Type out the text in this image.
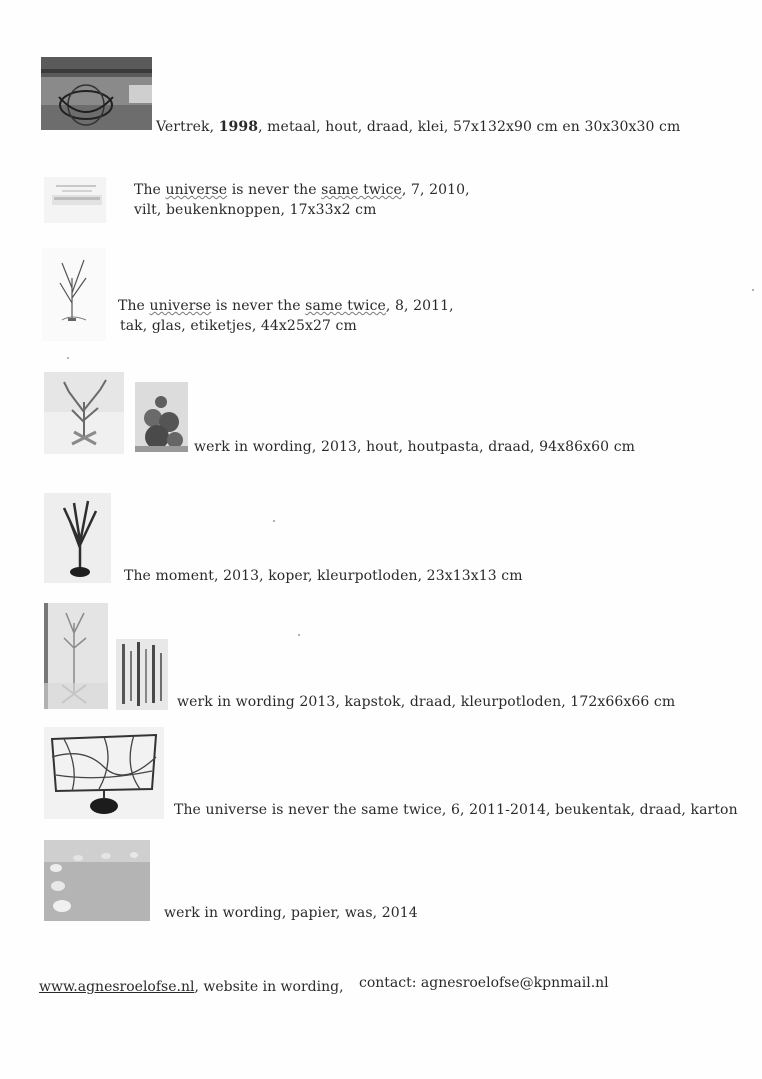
Vertrek, 1998, metaal, hout, draad, klei, 57x132x90 cm en 30x30x30 cm
The universe is never the same twice, 7, 2010,
vilt, beukenknoppen, 17x33x2 cm
The universe is never the same twice, 8, 2011,
tak, glas, etiketjes, 44x25x27 cm
werk in wording, 2013, hout, houtpasta, draad, 94x86x60 cm
The moment, 2013, koper, kleurpotloden, 23x13x13 cm
werk in wording 2013, kapstok, draad, kleurpotloden, 172x66x66 cm
The universe is never the same twice, 6, 2011-2014, beukentak, draad, karton
werk in wording, papier, was, 2014
www.agnesroelofse.nl, website in wording, contact: agnesroelofse@kpnmail.nl
